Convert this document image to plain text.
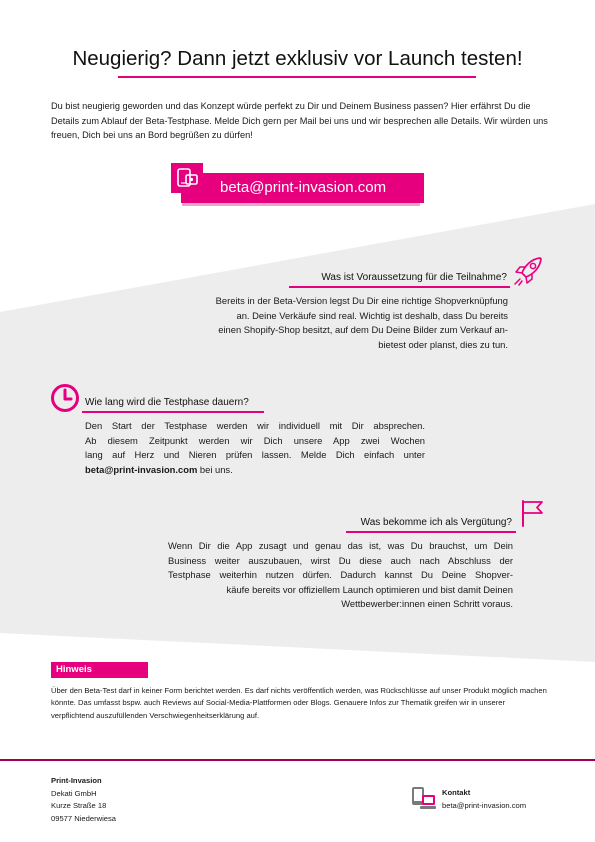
Neugierig? Dann jetzt exklusiv vor Launch testen!
Du bist neugierig geworden und das Konzept würde perfekt zu Dir und Deinem Business passen? Hier erfährst Du die Details zum Ablauf der Beta-Testphase. Melde Dich gern per Mail bei uns und wir besprechen alle Details. Wir würden uns freuen, Dich bei uns an Bord begrüßen zu dürfen!
beta@print-invasion.com
Was ist Voraussetzung für die Teilnahme?
Bereits in der Beta-Version legst Du Dir eine richtige Shopverknüpfung
an. Deine Verkäufe sind real. Wichtig ist deshalb, dass Du bereits
einen Shopify-Shop besitzt, auf dem Du Deine Bilder zum Verkauf an-
bietest oder planst, dies zu tun.
Wie lang wird die Testphase dauern?
Den Start der Testphase werden wir individuell mit Dir absprechen.
Ab diesem Zeitpunkt werden wir Dich unsere App zwei Wochen
lang auf Herz und Nieren prüfen lassen. Melde Dich einfach unter
beta@print-invasion.com bei uns.
Was bekomme ich als Vergütung?
Wenn Dir die App zusagt und genau das ist, was Du brauchst, um Dein
Business weiter auszubauen, wirst Du diese auch nach Abschluss der
Testphase weiterhin nutzen dürfen. Dadurch kannst Du Deine Shopver-
käufe bereits vor offiziellem Launch optimieren und bist damit Deinen
Wettbewerber:innen einen Schritt voraus.
Hinweis
Über den Beta-Test darf in keiner Form berichtet werden. Es darf nichts veröffentlich werden, was Rückschlüsse auf unser Produkt möglich machen könnte. Das umfasst bspw. auch Reviews auf Social-Media-Plattformen oder Blogs. Genauere Infos zur Thematik greifen wir in unserer verpflichtend auszufüllenden Verschwiegenheitserklärung auf.
Print-Invasion
Dekati GmbH
Kurze Straße 18
09577 Niederwiesa
Kontakt
beta@print-invasion.com
